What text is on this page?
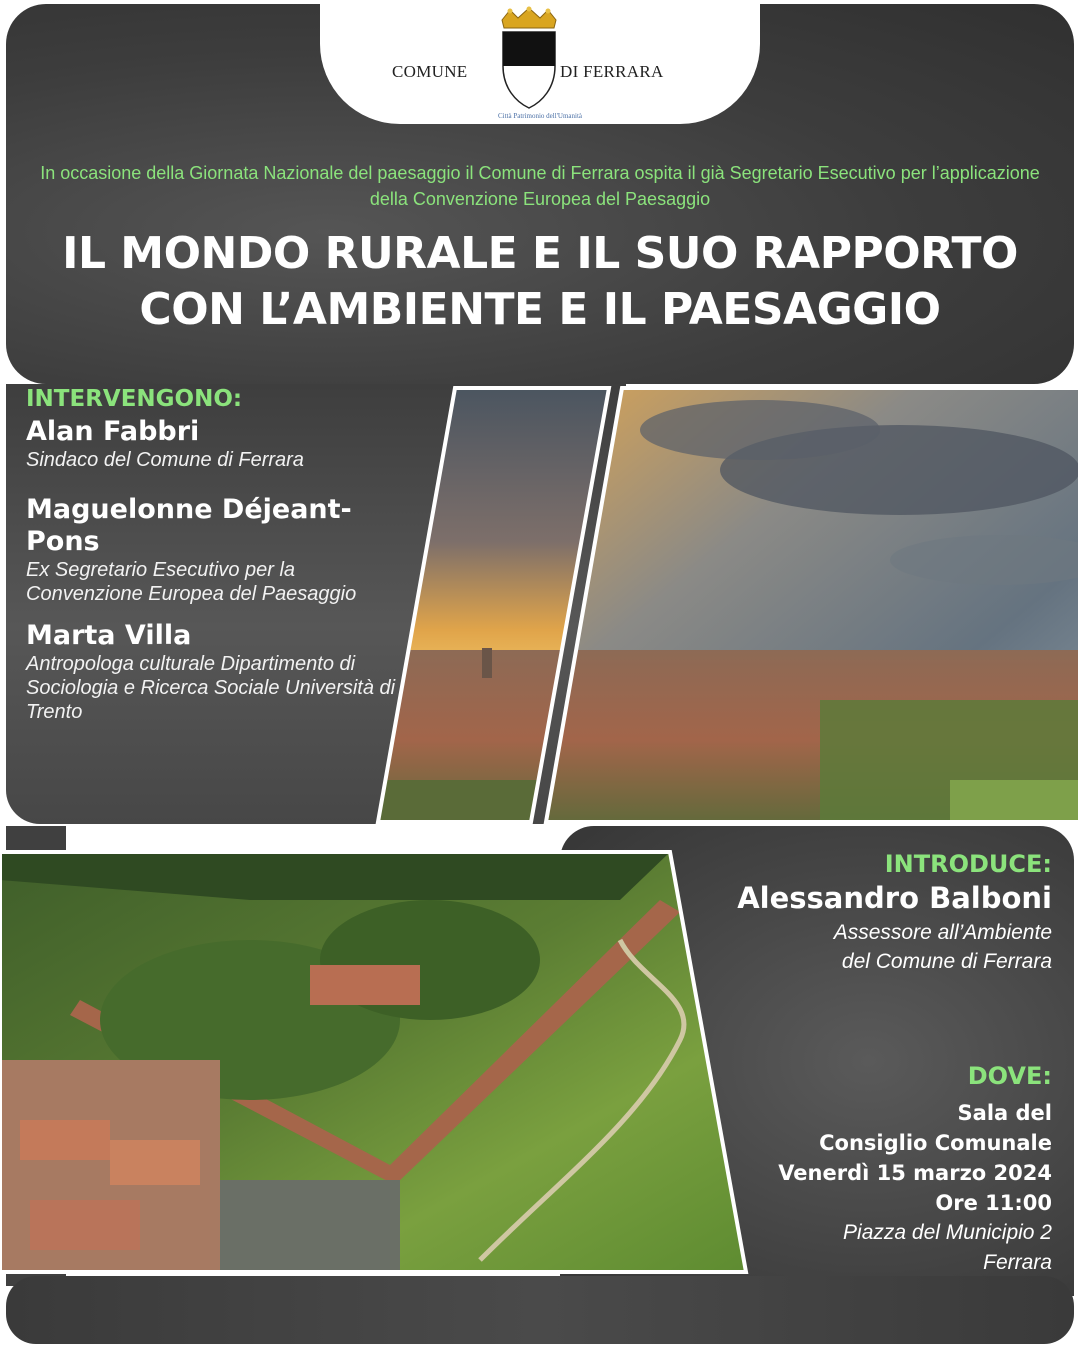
COMUNE	DI FERRARA
Città Patrimonio dell'Umanità
In occasione della Giornata Nazionale del paesaggio il Comune di Ferrara ospita il già Segretario Esecutivo per l’applicazione della Convenzione Europea del Paesaggio
IL MONDO RURALE E IL SUO RAPPORTO
CON L’AMBIENTE E IL PAESAGGIO
INTERVENGONO:
Alan Fabbri
Sindaco del Comune di Ferrara
Maguelonne Déjeant-Pons
Ex Segretario Esecutivo per la Convenzione Europea del Paesaggio
Marta Villa
Antropologa culturale Dipartimento di Sociologia e Ricerca Sociale Università di Trento
INTRODUCE:
Alessandro Balboni
Assessore all’Ambiente
del Comune di Ferrara
DOVE:
Sala del
Consiglio Comunale
Venerdì 15 marzo 2024
Ore 11:00
Piazza del Municipio 2
Ferrara
